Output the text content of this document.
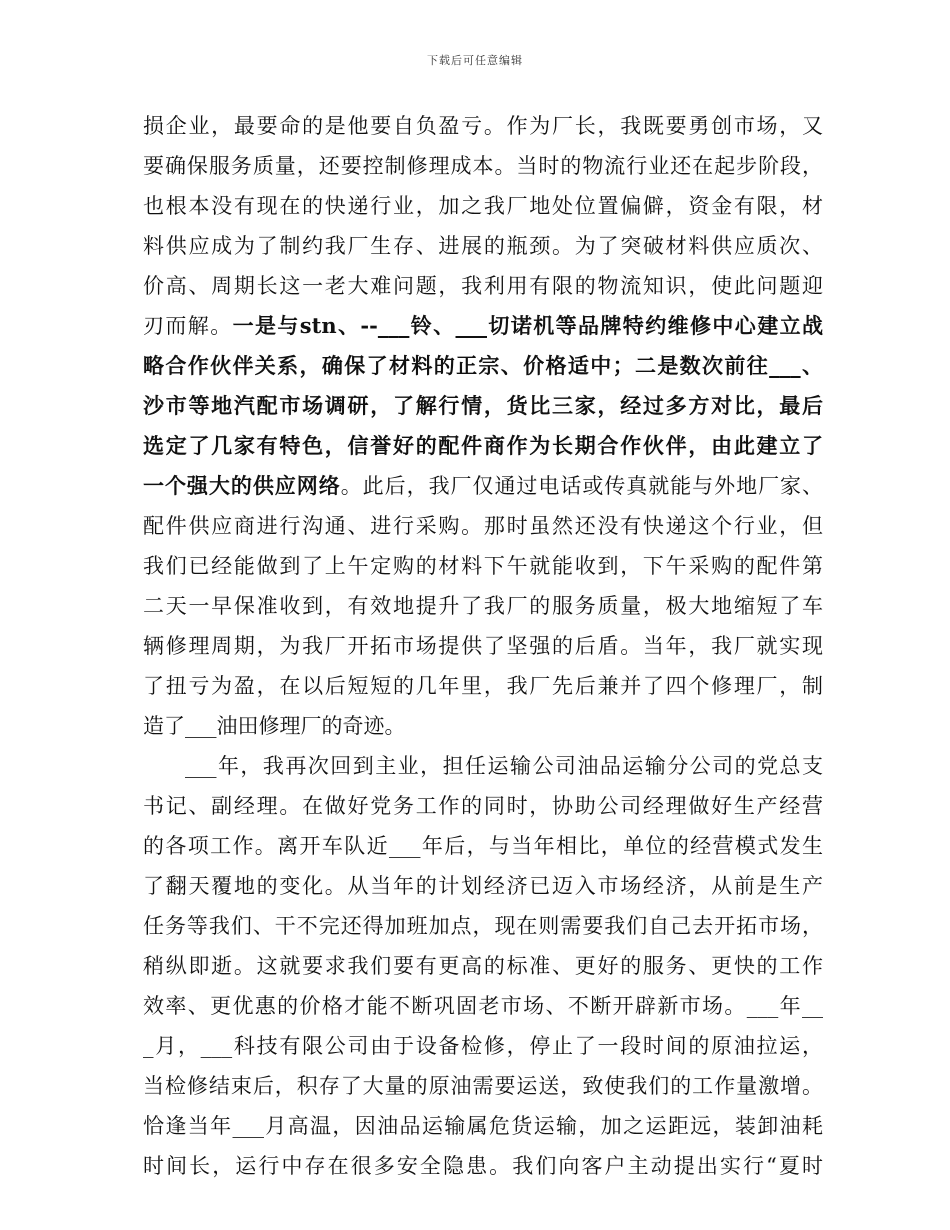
下载后可任意编辑
损企业，最要命的是他要自负盈亏。作为厂长，我既要勇创市场，又
要确保服务质量，还要控制修理成本。当时的物流行业还在起步阶段，
也根本没有现在的快递行业，加之我厂地处位置偏僻，资金有限，材
料供应成为了制约我厂生存、进展的瓶颈。为了突破材料供应质次、
价高、周期长这一老大难问题，我利用有限的物流知识，使此问题迎
刃而解。一是与stn、--___铃、___切诺机等品牌特约维修中心建立战
略合作伙伴关系，确保了材料的正宗、价格适中；二是数次前往___、
沙市等地汽配市场调研，了解行情，货比三家，经过多方对比，最后
选定了几家有特色，信誉好的配件商作为长期合作伙伴，由此建立了
一个强大的供应网络。此后，我厂仅通过电话或传真就能与外地厂家、
配件供应商进行沟通、进行采购。那时虽然还没有快递这个行业，但
我们已经能做到了上午定购的材料下午就能收到，下午采购的配件第
二天一早保准收到，有效地提升了我厂的服务质量，极大地缩短了车
辆修理周期，为我厂开拓市场提供了坚强的后盾。当年，我厂就实现
了扭亏为盈，在以后短短的几年里，我厂先后兼并了四个修理厂，制
造了___油田修理厂的奇迹。
___年，我再次回到主业，担任运输公司油品运输分公司的党总支
书记、副经理。在做好党务工作的同时，协助公司经理做好生产经营
的各项工作。离开车队近___年后，与当年相比，单位的经营模式发生
了翻天覆地的变化。从当年的计划经济已迈入市场经济，从前是生产
任务等我们、干不完还得加班加点，现在则需要我们自己去开拓市场，
稍纵即逝。这就要求我们要有更高的标准、更好的服务、更快的工作
效率、更优惠的价格才能不断巩固老市场、不断开辟新市场。___年__
_月，___科技有限公司由于设备检修，停止了一段时间的原油拉运，
当检修结束后，积存了大量的原油需要运送，致使我们的工作量激增。
恰逢当年___月高温，因油品运输属危货运输，加之运距远，装卸油耗
时间长，运行中存在很多安全隐患。我们向客户主动提出实行“夏时
